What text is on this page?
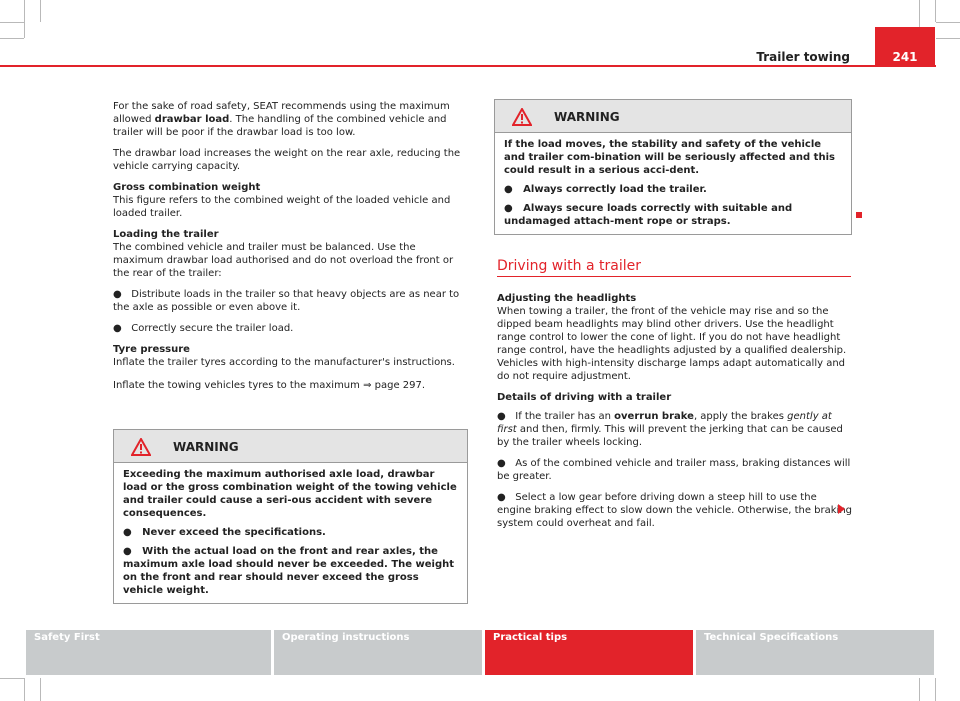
Trailer towing	241

For the sake of road safety, SEAT recommends using the maximum allowed drawbar load. The handling of the combined vehicle and trailer will be poor if the drawbar load is too low.

The drawbar load increases the weight on the rear axle, reducing the vehicle carrying capacity.

Gross combination weight

This figure refers to the combined weight of the loaded vehicle and loaded trailer.

Loading the trailer

The combined vehicle and trailer must be balanced. Use the maximum drawbar load authorised and do not overload the front or the rear of the trailer:

●   Distribute loads in the trailer so that heavy objects are as near to the axle as possible or even above it.

●   Correctly secure the trailer load.

Tyre pressure

Inflate the trailer tyres according to the manufacturer's instructions.

Inflate the towing vehicles tyres to the maximum ⇒ page 297.

WARNING

Exceeding the maximum authorised axle load, drawbar load or the gross combination weight of the towing vehicle and trailer could cause a seri-ous accident with severe consequences.

●   Never exceed the specifications.

●   With the actual load on the front and rear axles, the maximum axle load should never be exceeded. The weight on the front and rear should never exceed the gross vehicle weight.

WARNING

If the load moves, the stability and safety of the vehicle and trailer com-bination will be seriously affected and this could result in a serious acci-dent.

●   Always correctly load the trailer.

●   Always secure loads correctly with suitable and undamaged attach-ment rope or straps.

Driving with a trailer
Adjusting the headlights

When towing a trailer, the front of the vehicle may rise and so the dipped beam headlights may blind other drivers. Use the headlight range control to lower the cone of light. If you do not have headlight range control, have the headlights adjusted by a qualified dealership. Vehicles with high-intensity discharge lamps adapt automatically and do not require adjustment.

Details of driving with a trailer

●   If the trailer has an overrun brake, apply the brakes gently at first and then, firmly. This will prevent the jerking that can be caused by the trailer wheels locking.

●   As of the combined vehicle and trailer mass, braking distances will be greater.

●   Select a low gear before driving down a steep hill to use the engine braking effect to slow down the vehicle. Otherwise, the braking system could overheat and fail.

Safety First	Operating instructions	Practical tips	Technical Specifications
